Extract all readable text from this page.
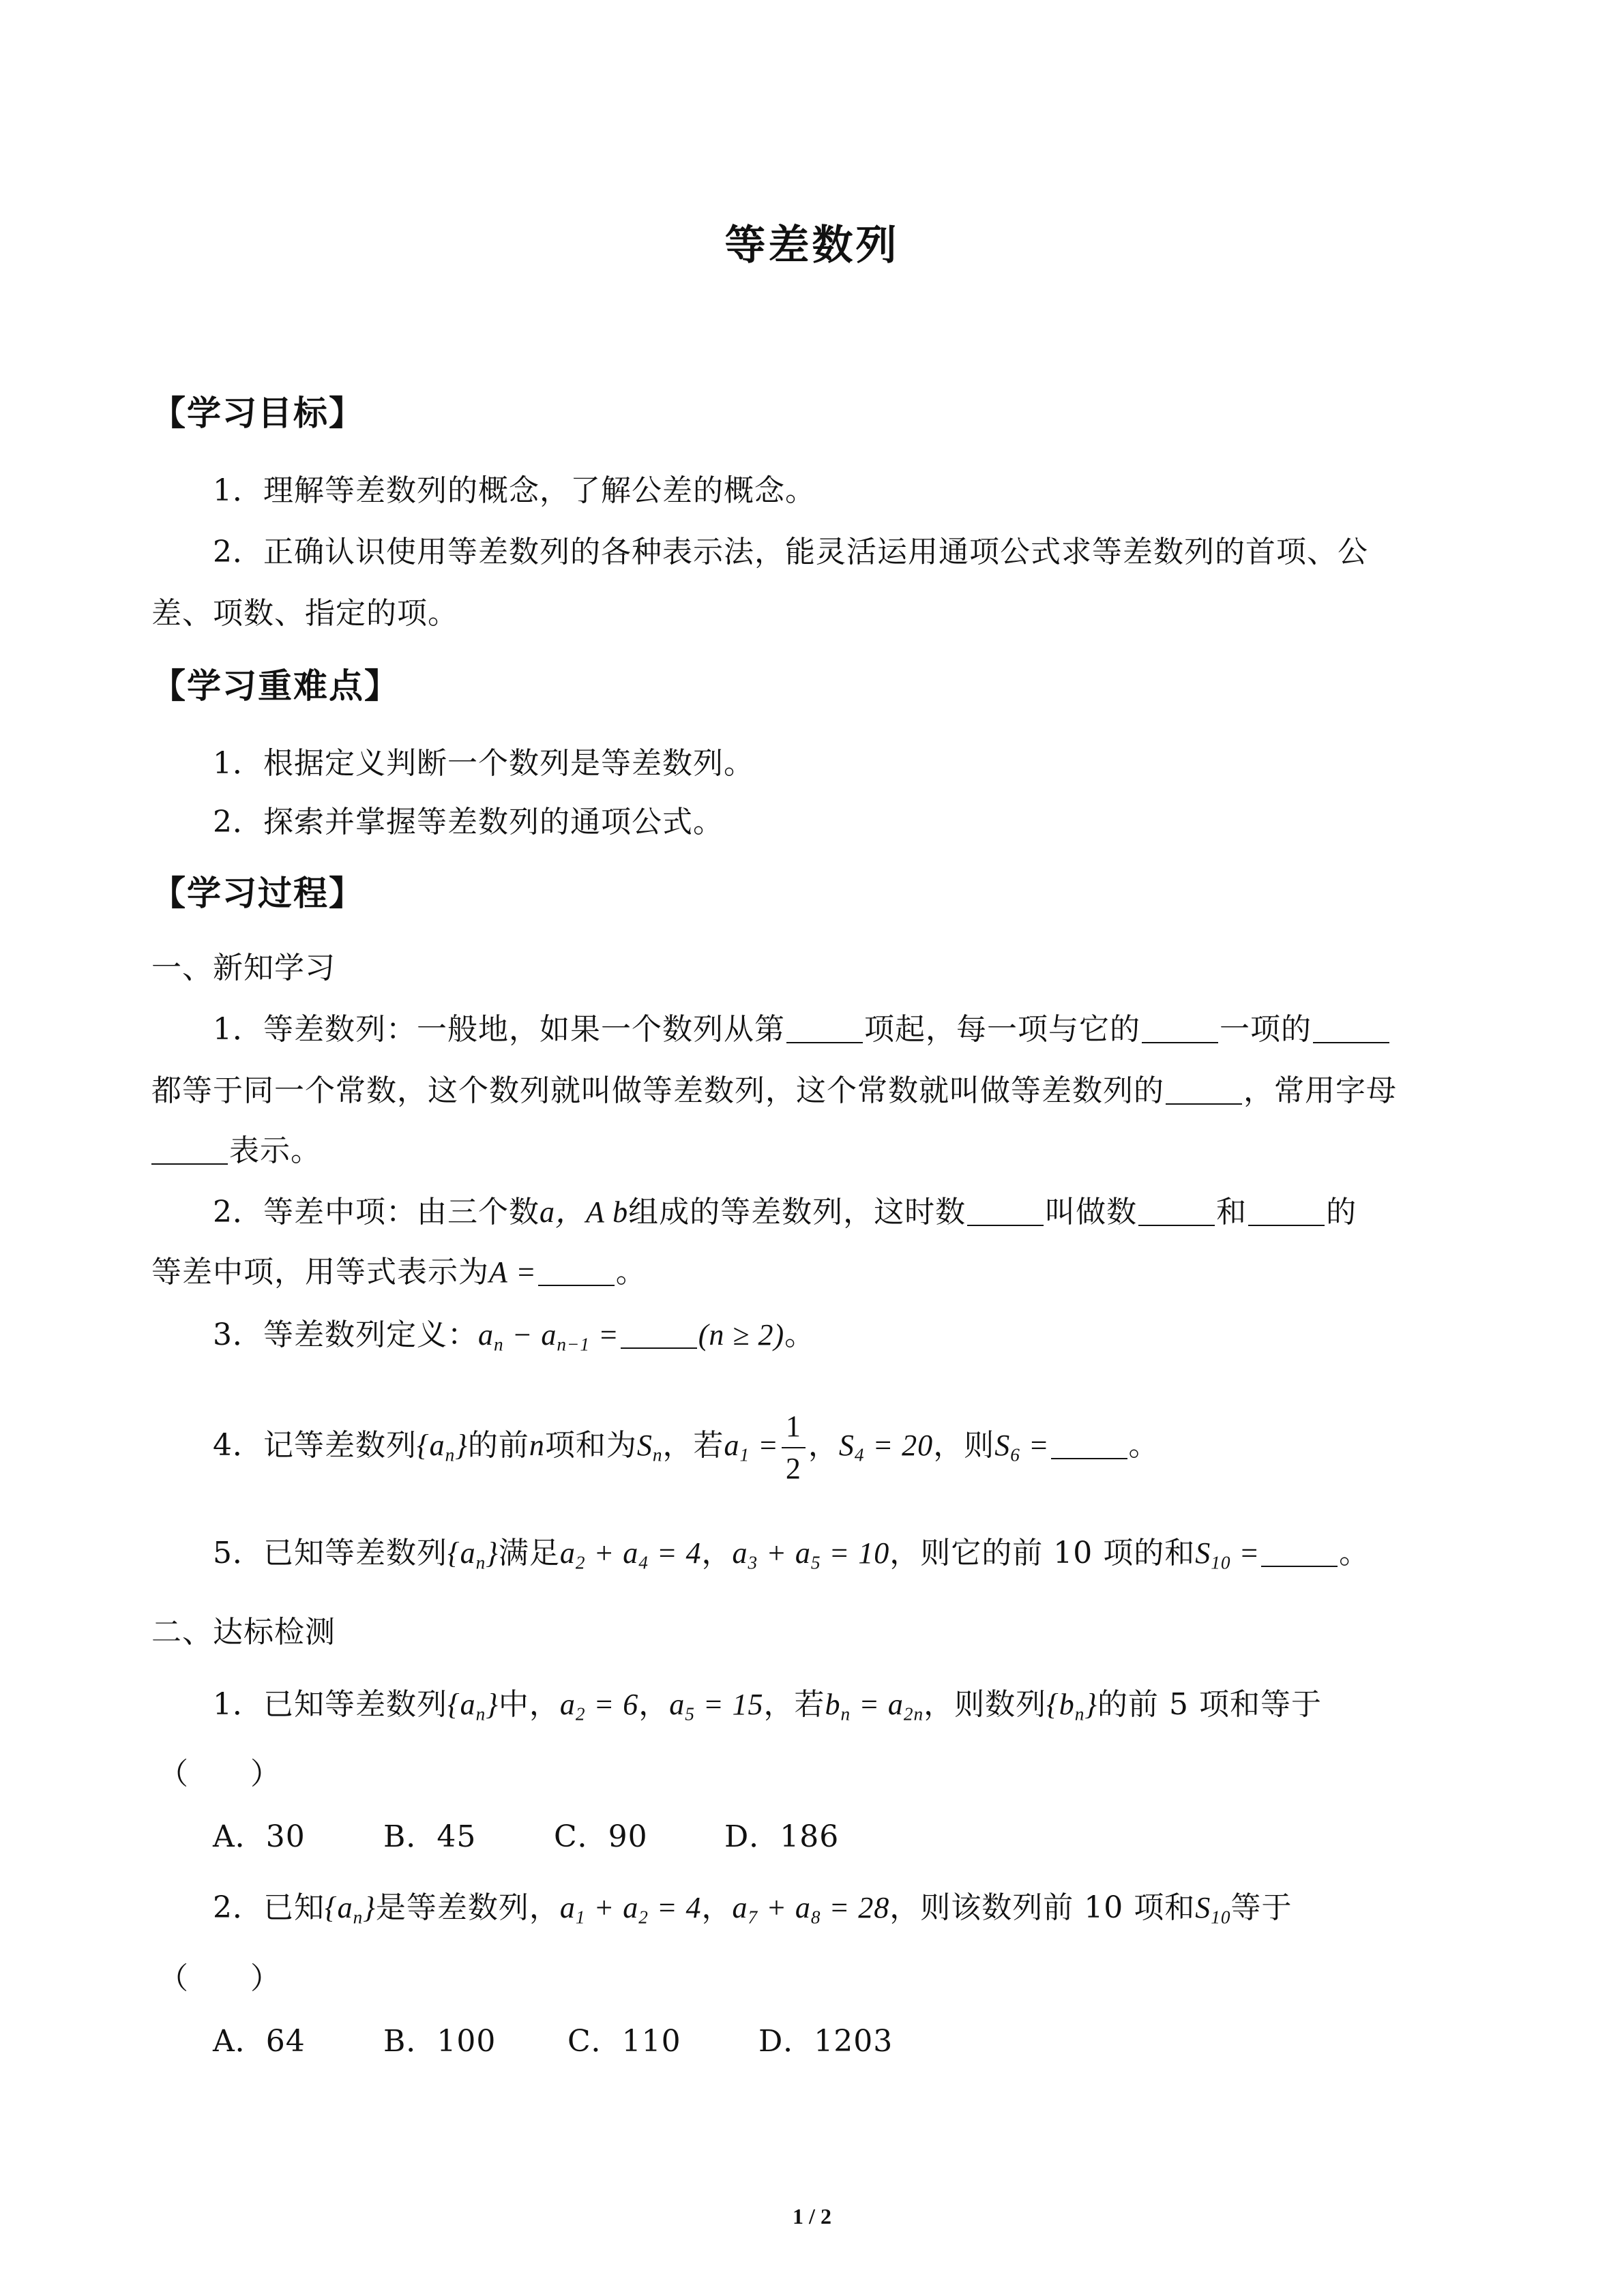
等差数列
【学习目标】
1．理解等差数列的概念，了解公差的概念。
2．正确认识使用等差数列的各种表示法，能灵活运用通项公式求等差数列的首项、公
差、项数、指定的项。
【学习重难点】
1．根据定义判断一个数列是等差数列。
2．探索并掌握等差数列的通项公式。
【学习过程】
一、新知学习
1．等差数列：一般地，如果一个数列从第	项起，每一项与它的	一项的
都等于同一个常数，这个数列就叫做等差数列，这个常数就叫做等差数列的	，常用字母
表示。
2．等差中项：由三个数a，A b组成的等差数列，这时数	叫做数	和	的
等差中项，用等式表示为A =	。
3．等差数列定义：$a_n - a_{n-1}$ =	(n ≥ 2)。
4．记等差数列$\{a_n\}$的前n项和为$S_n$，若$a_1 = \frac{1}{2}$ ，$S_4 = 20$，则$S_6$ =	。
5．已知等差数列$\{a_n\}$满足$a_2 + a_4 = 4$，$a_3 + a_5 = 10$，则它的前 10 项的和$S_{10}$ =	。
二、达标检测
1．已知等差数列$\{a_n\}$中，$a_2 = 6$，$a_5 = 15$，若$b_n = a_{2n}$，则数列$\{b_n\}$的前 5 项和等于
（　　）
A．30	B．45	C．90	D．186
2．已知$\{a_n\}$是等差数列，$a_1 + a_2 = 4$，$a_7 + a_8 = 28$，则该数列前 10 项和$S_{10}$等于
（　　）
A．64	B．100 C．110	D．1203
1 / 2
